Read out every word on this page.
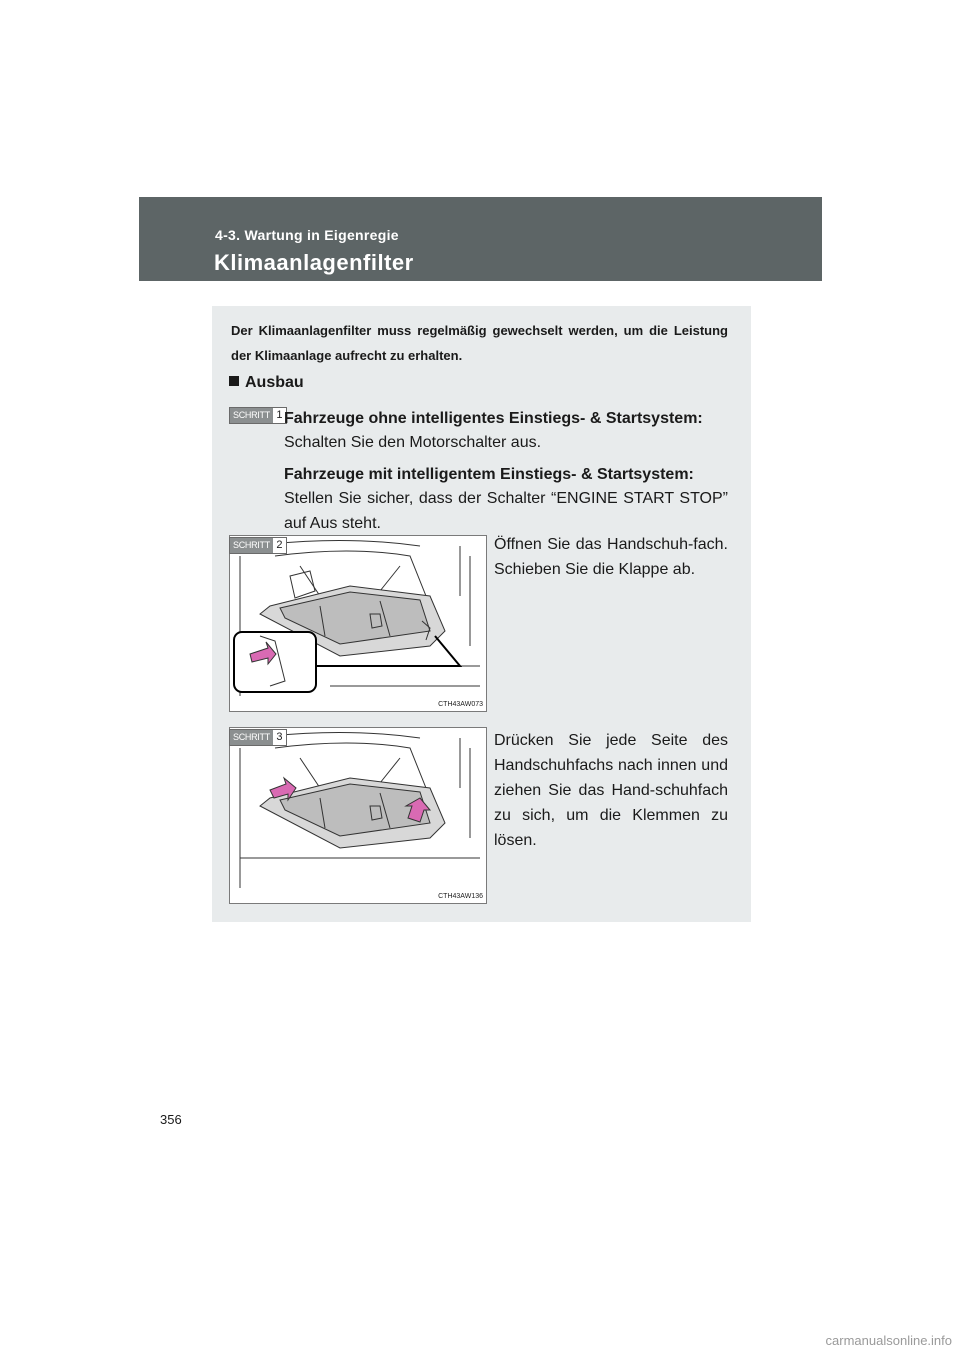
4-3. Wartung in Eigenregie
Klimaanlagenfilter
Der Klimaanlagenfilter muss regelmäßig gewechselt werden, um die Leistung der Klimaanlage aufrecht zu erhalten.
Ausbau
SCHRITT 1 Fahrzeuge ohne intelligentes Einstiegs- & Startsystem:
Schalten Sie den Motorschalter aus.
Fahrzeuge mit intelligentem Einstiegs- & Startsystem:
Stellen Sie sicher, dass der Schalter “ENGINE START STOP” auf Aus steht.
CTH43AW073
SCHRITT 2	Öffnen Sie das Handschuh-fach. Schieben Sie die Klappe ab.
CTH43AW136
SCHRITT 3	Drücken Sie jede Seite des Handschuhfachs nach innen und ziehen Sie das Hand-schuhfach zu sich, um die Klemmen zu lösen.
356
carmanualsonline.info
